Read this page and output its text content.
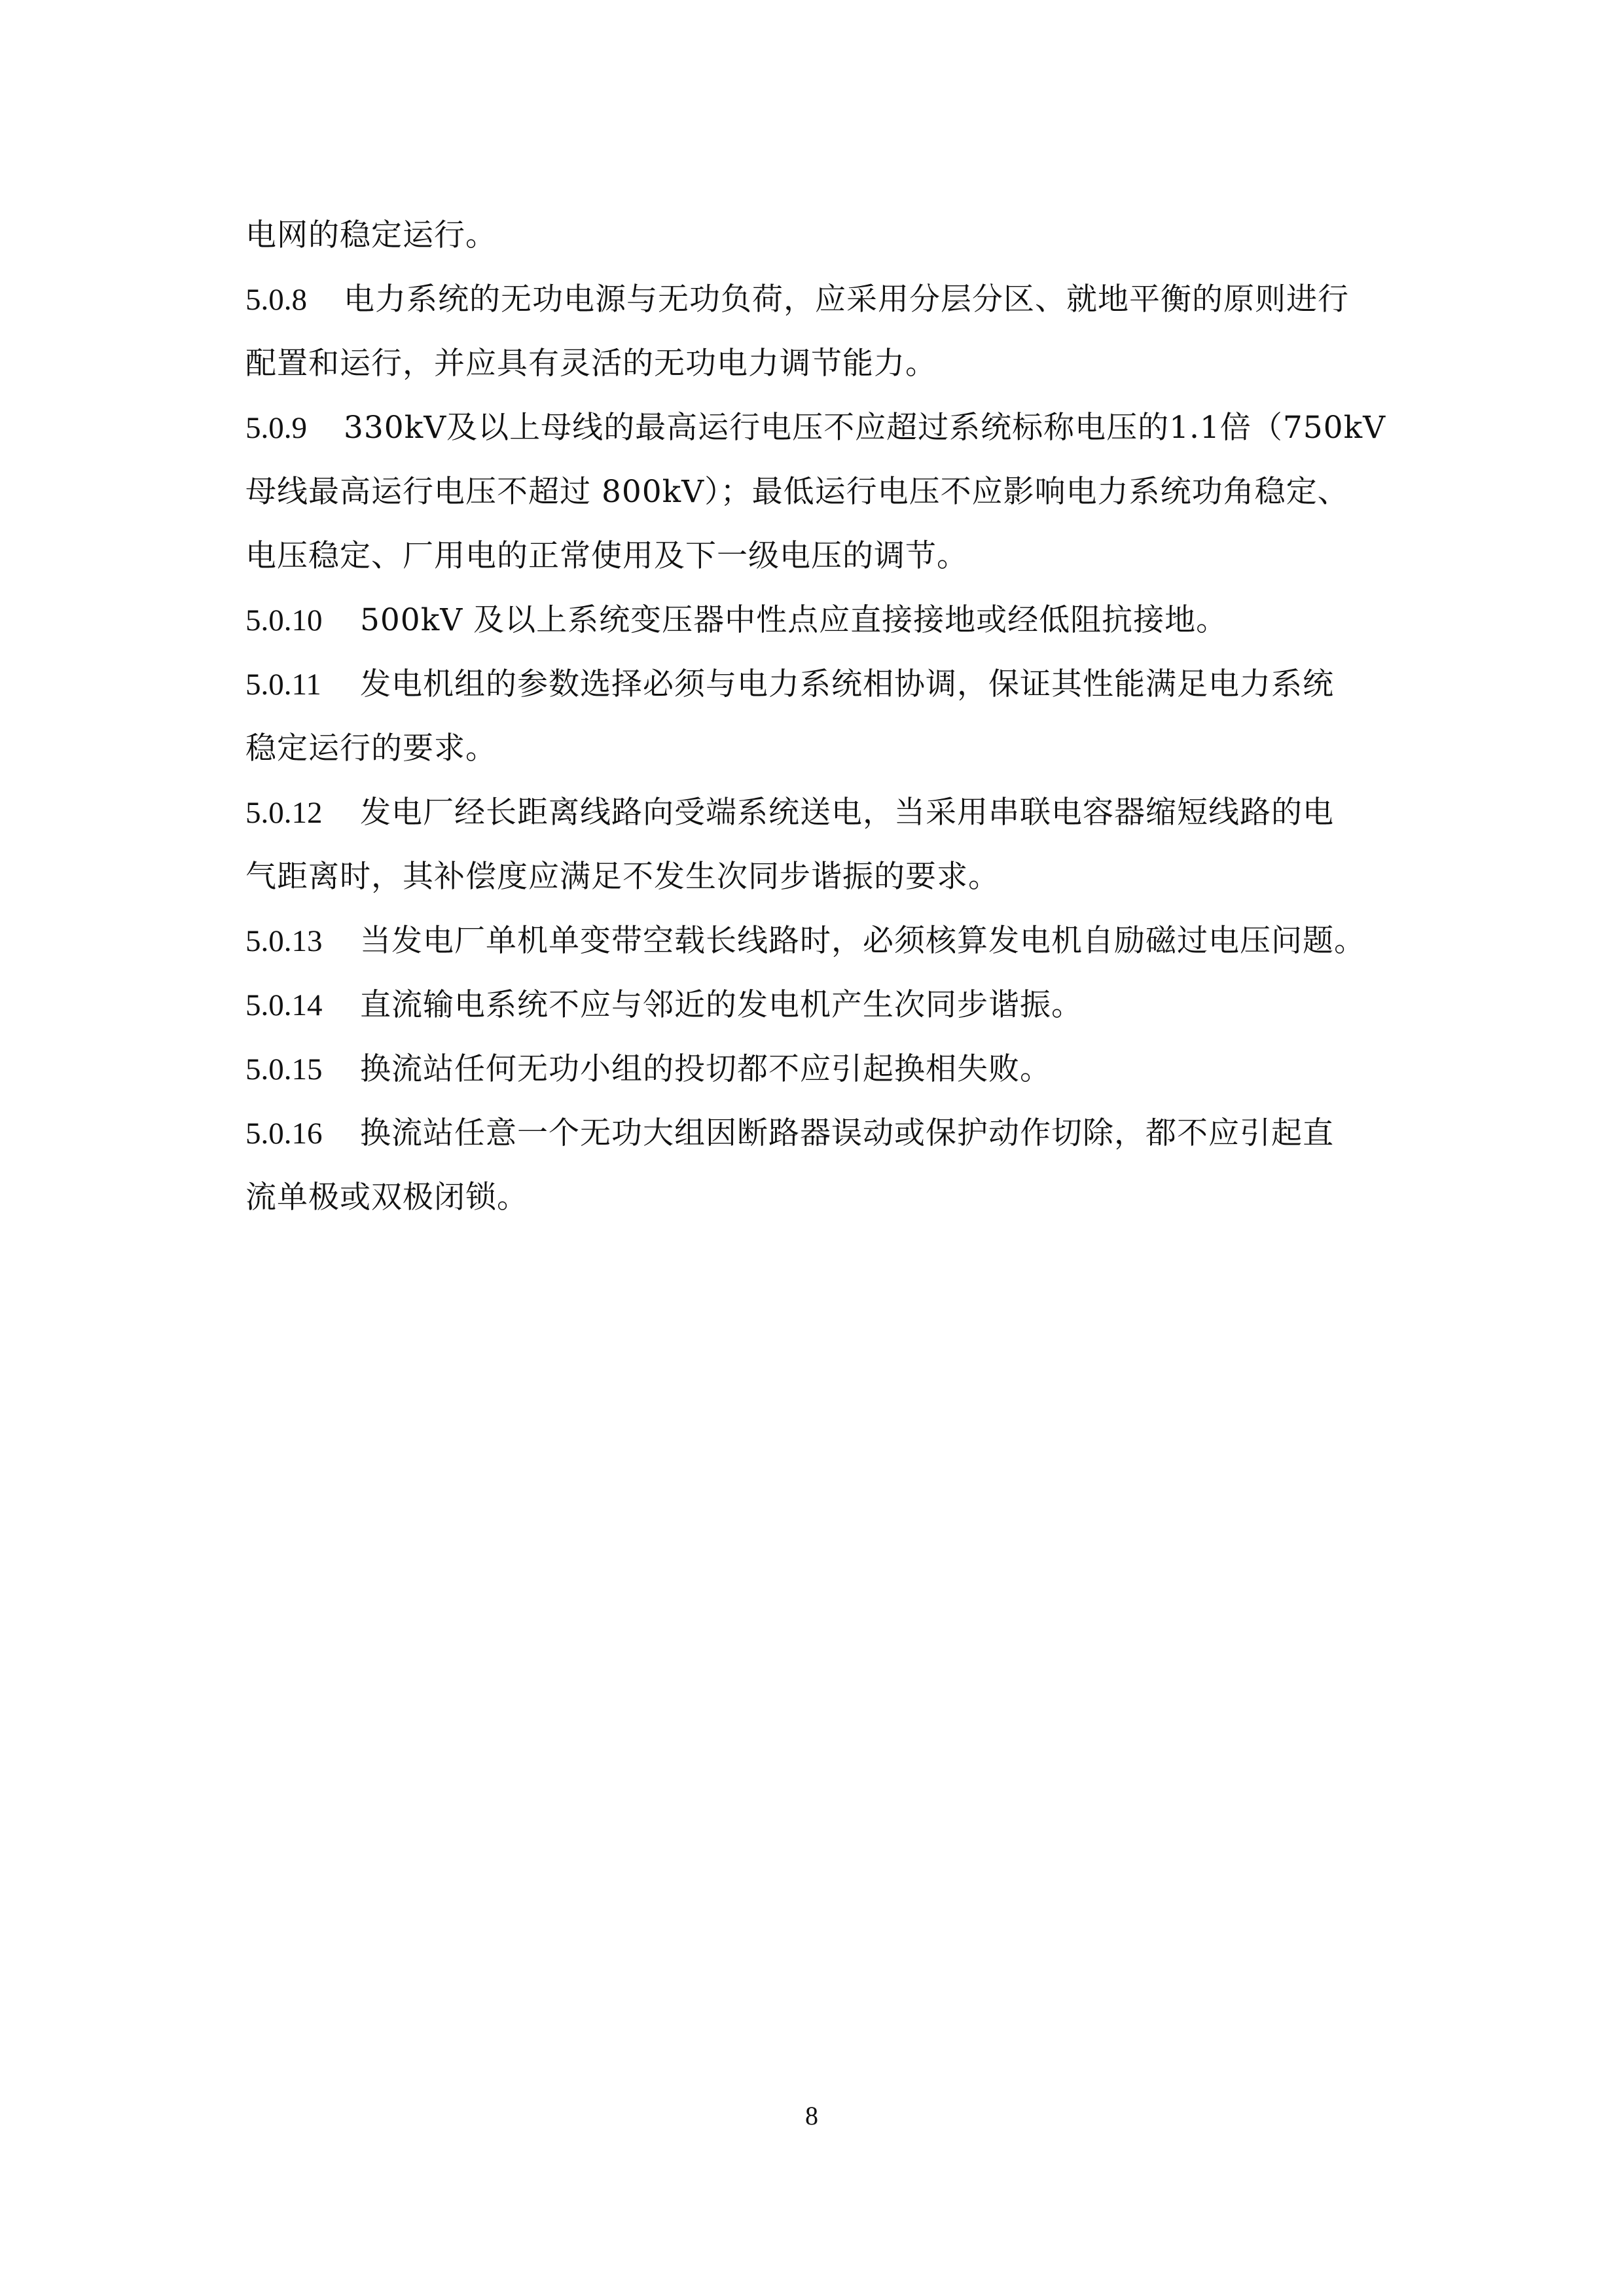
电网的稳定运行。
5.0.8 电力系统的无功电源与无功负荷，应采用分层分区、就地平衡的原则进行
配置和运行，并应具有灵活的无功电力调节能力。
5.0.9 330kV及以上母线的最高运行电压不应超过系统标称电压的1.1倍（750kV
母线最高运行电压不超过 800kV）；最低运行电压不应影响电力系统功角稳定、
电压稳定、厂用电的正常使用及下一级电压的调节。
5.0.10 500kV 及以上系统变压器中性点应直接接地或经低阻抗接地。
5.0.11 发电机组的参数选择必须与电力系统相协调，保证其性能满足电力系统
稳定运行的要求。
5.0.12 发电厂经长距离线路向受端系统送电，当采用串联电容器缩短线路的电
气距离时，其补偿度应满足不发生次同步谐振的要求。
5.0.13 当发电厂单机单变带空载长线路时，必须核算发电机自励磁过电压问题。
5.0.14 直流输电系统不应与邻近的发电机产生次同步谐振。
5.0.15 换流站任何无功小组的投切都不应引起换相失败。
5.0.16 换流站任意一个无功大组因断路器误动或保护动作切除，都不应引起直
流单极或双极闭锁。
8
